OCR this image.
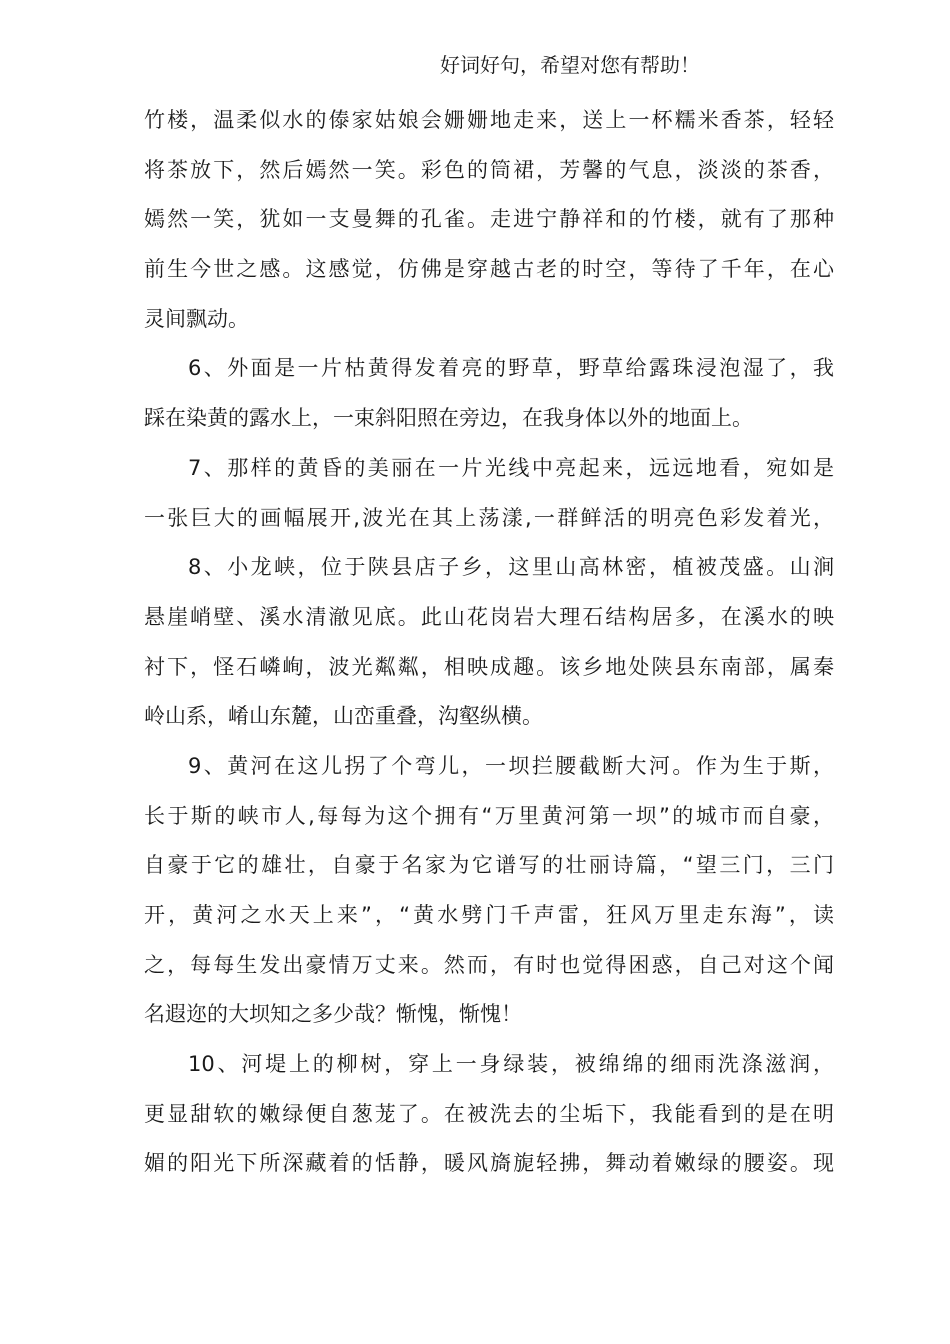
好词好句，希望对您有帮助！
竹楼，温柔似水的傣家姑娘会姗姗地走来，送上一杯糯米香茶，轻轻
将茶放下，然后嫣然一笑。彩色的筒裙，芳馨的气息，淡淡的茶香，
嫣然一笑，犹如一支曼舞的孔雀。走进宁静祥和的竹楼，就有了那种
前生今世之感。这感觉，仿佛是穿越古老的时空，等待了千年，在心
灵间飘动。
6、外面是一片枯黄得发着亮的野草，野草给露珠浸泡湿了，我
踩在染黄的露水上，一束斜阳照在旁边，在我身体以外的地面上。
7、那样的黄昏的美丽在一片光线中亮起来，远远地看，宛如是
一张巨大的画幅展开,波光在其上荡漾,一群鲜活的明亮色彩发着光，
8、小龙峡，位于陕县店子乡，这里山高林密，植被茂盛。山涧
悬崖峭壁、溪水清澈见底。此山花岗岩大理石结构居多，在溪水的映
衬下，怪石嶙峋，波光粼粼，相映成趣。该乡地处陕县东南部，属秦
岭山系，崤山东麓，山峦重叠，沟壑纵横。
9、黄河在这儿拐了个弯儿，一坝拦腰截断大河。作为生于斯，
长于斯的峡市人,每每为这个拥有“万里黄河第一坝”的城市而自豪，
自豪于它的雄壮，自豪于名家为它谱写的壮丽诗篇，“望三门，三门
开，黄河之水天上来”，“黄水劈门千声雷，狂风万里走东海”，读
之，每每生发出豪情万丈来。然而，有时也觉得困惑，自己对这个闻
名遐迩的大坝知之多少哉？惭愧，惭愧！
10、河堤上的柳树，穿上一身绿装，被绵绵的细雨洗涤滋润，
更显甜软的嫩绿便自葱茏了。在被洗去的尘垢下，我能看到的是在明
媚的阳光下所深藏着的恬静，暖风旖旎轻拂，舞动着嫩绿的腰姿。现
